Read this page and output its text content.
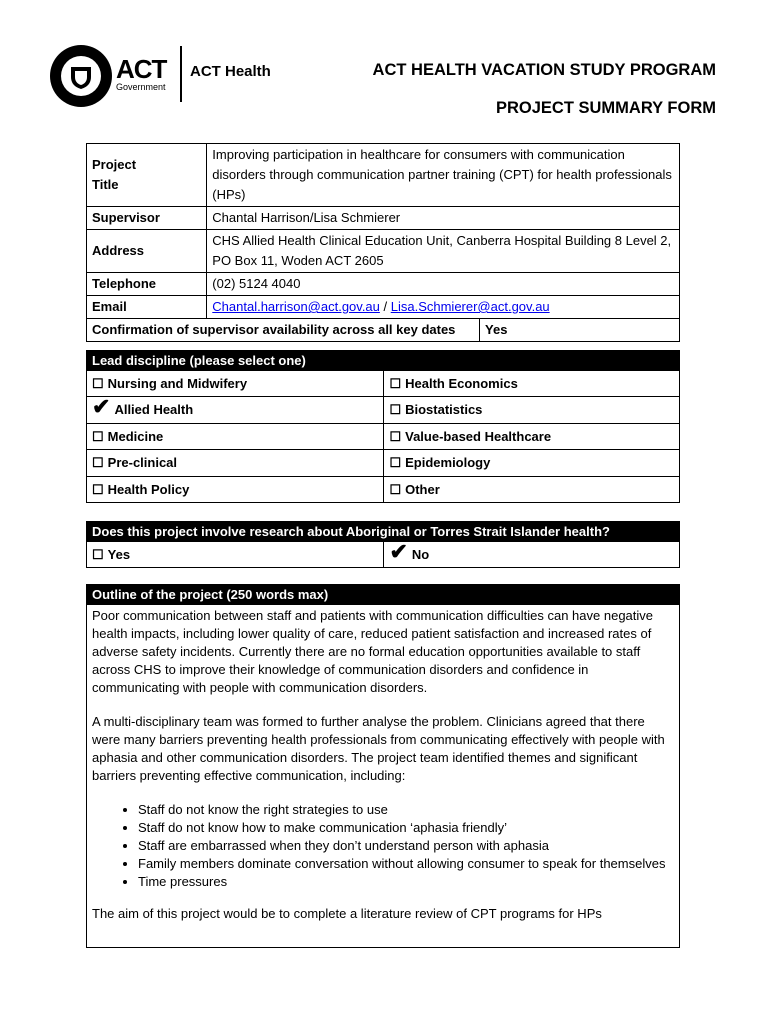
ACT
Government
ACT Health	ACT HEALTH VACATION STUDY PROGRAM
PROJECT SUMMARY FORM
Project Title	Improving participation in healthcare for consumers with communication disorders through communication partner training (CPT) for health professionals (HPs)	
Supervisor	Chantal Harrison/Lisa Schmierer	
Address	CHS Allied Health Clinical Education Unit, Canberra Hospital Building 8 Level 2, PO Box 11, Woden ACT 2605	
Telephone	(02) 5124 4040	
Email	Chantal.harrison@act.gov.au / Lisa.Schmierer@act.gov.au	
Confirmation of supervisor availability across all key dates		Yes
Lead discipline (please select one)	
☐ Nursing and Midwifery	☐ Health Economics
✔ Allied Health	☐ Biostatistics
☐ Medicine	☐ Value-based Healthcare
☐ Pre-clinical	☐ Epidemiology
☐ Health Policy	☐ Other
Does this project involve research about Aboriginal or Torres Strait Islander health?
☐ Yes	✔ No
Outline of the project (250 words max)

Poor communication between staff and patients with communication difficulties can have negative health impacts, including lower quality of care, reduced patient satisfaction and increased rates of adverse safety incidents. Currently there are no formal education opportunities available to staff across CHS to improve their knowledge of communication disorders and confidence in communicating with people with communication disorders.

A multi-disciplinary team was formed to further analyse the problem. Clinicians agreed that there were many barriers preventing health professionals from communicating effectively with people with aphasia and other communication disorders. The project team identified themes and significant barriers preventing effective communication, including:

• Staff do not know the right strategies to use
• Staff do not know how to make communication ‘aphasia friendly’
• Staff are embarrassed when they don’t understand person with aphasia
• Family members dominate conversation without allowing consumer to speak for themselves
• Time pressures

The aim of this project would be to complete a literature review of CPT programs for HPs
